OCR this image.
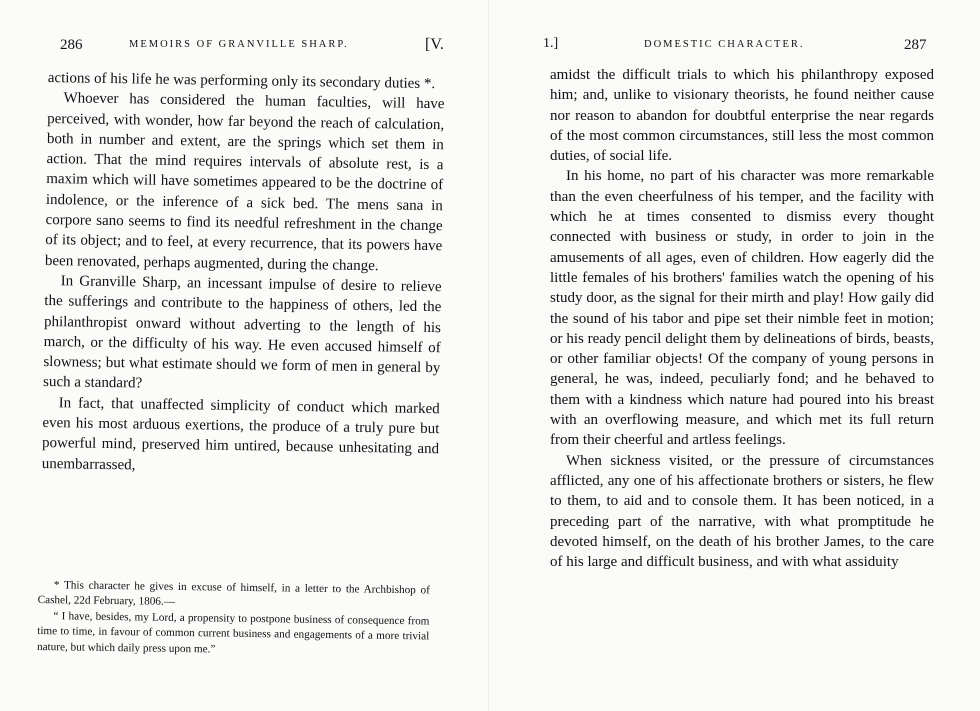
286	MEMOIRS OF GRANVILLE SHARP.	[V.

actions of his life he was performing only its secondary duties *.

Whoever has considered the human faculties, will have perceived, with wonder, how far beyond the reach of calculation, both in number and extent, are the springs which set them in action. That the mind requires intervals of absolute rest, is a maxim which will have sometimes appeared to be the doctrine of indolence, or the inference of a sick bed. The mens sana in corpore sano seems to find its needful refreshment in the change of its object; and to feel, at every recurrence, that its powers have been renovated, perhaps augmented, during the change.

In Granville Sharp, an incessant impulse of desire to relieve the sufferings and contribute to the happiness of others, led the philanthropist onward without adverting to the length of his march, or the difficulty of his way. He even accused himself of slowness; but what estimate should we form of men in general by such a standard?

In fact, that unaffected simplicity of conduct which marked even his most arduous exertions, the produce of a truly pure but powerful mind, preserved him untired, because unhesitating and unembarrassed,

* This character he gives in excuse of himself, in a letter to the Archbishop of Cashel, 22d February, 1806.—

“ I have, besides, my Lord, a propensity to postpone business of consequence from time to time, in favour of common current business and engagements of a more trivial nature, but which daily press upon me.”

1.]	DOMESTIC CHARACTER.	287

amidst the difficult trials to which his philanthropy exposed him; and, unlike to visionary theorists, he found neither cause nor reason to abandon for doubtful enterprise the near regards of the most common circumstances, still less the most common duties, of social life.

In his home, no part of his character was more remarkable than the even cheerfulness of his temper, and the facility with which he at times consented to dismiss every thought connected with business or study, in order to join in the amusements of all ages, even of children. How eagerly did the little females of his brothers' families watch the opening of his study door, as the signal for their mirth and play! How gaily did the sound of his tabor and pipe set their nimble feet in motion; or his ready pencil delight them by delineations of birds, beasts, or other familiar objects! Of the company of young persons in general, he was, indeed, peculiarly fond; and he behaved to them with a kindness which nature had poured into his breast with an overflowing measure, and which met its full return from their cheerful and artless feelings.

When sickness visited, or the pressure of circumstances afflicted, any one of his affectionate brothers or sisters, he flew to them, to aid and to console them. It has been noticed, in a preceding part of the narrative, with what promptitude he devoted himself, on the death of his brother James, to the care of his large and difficult business, and with what assiduity
